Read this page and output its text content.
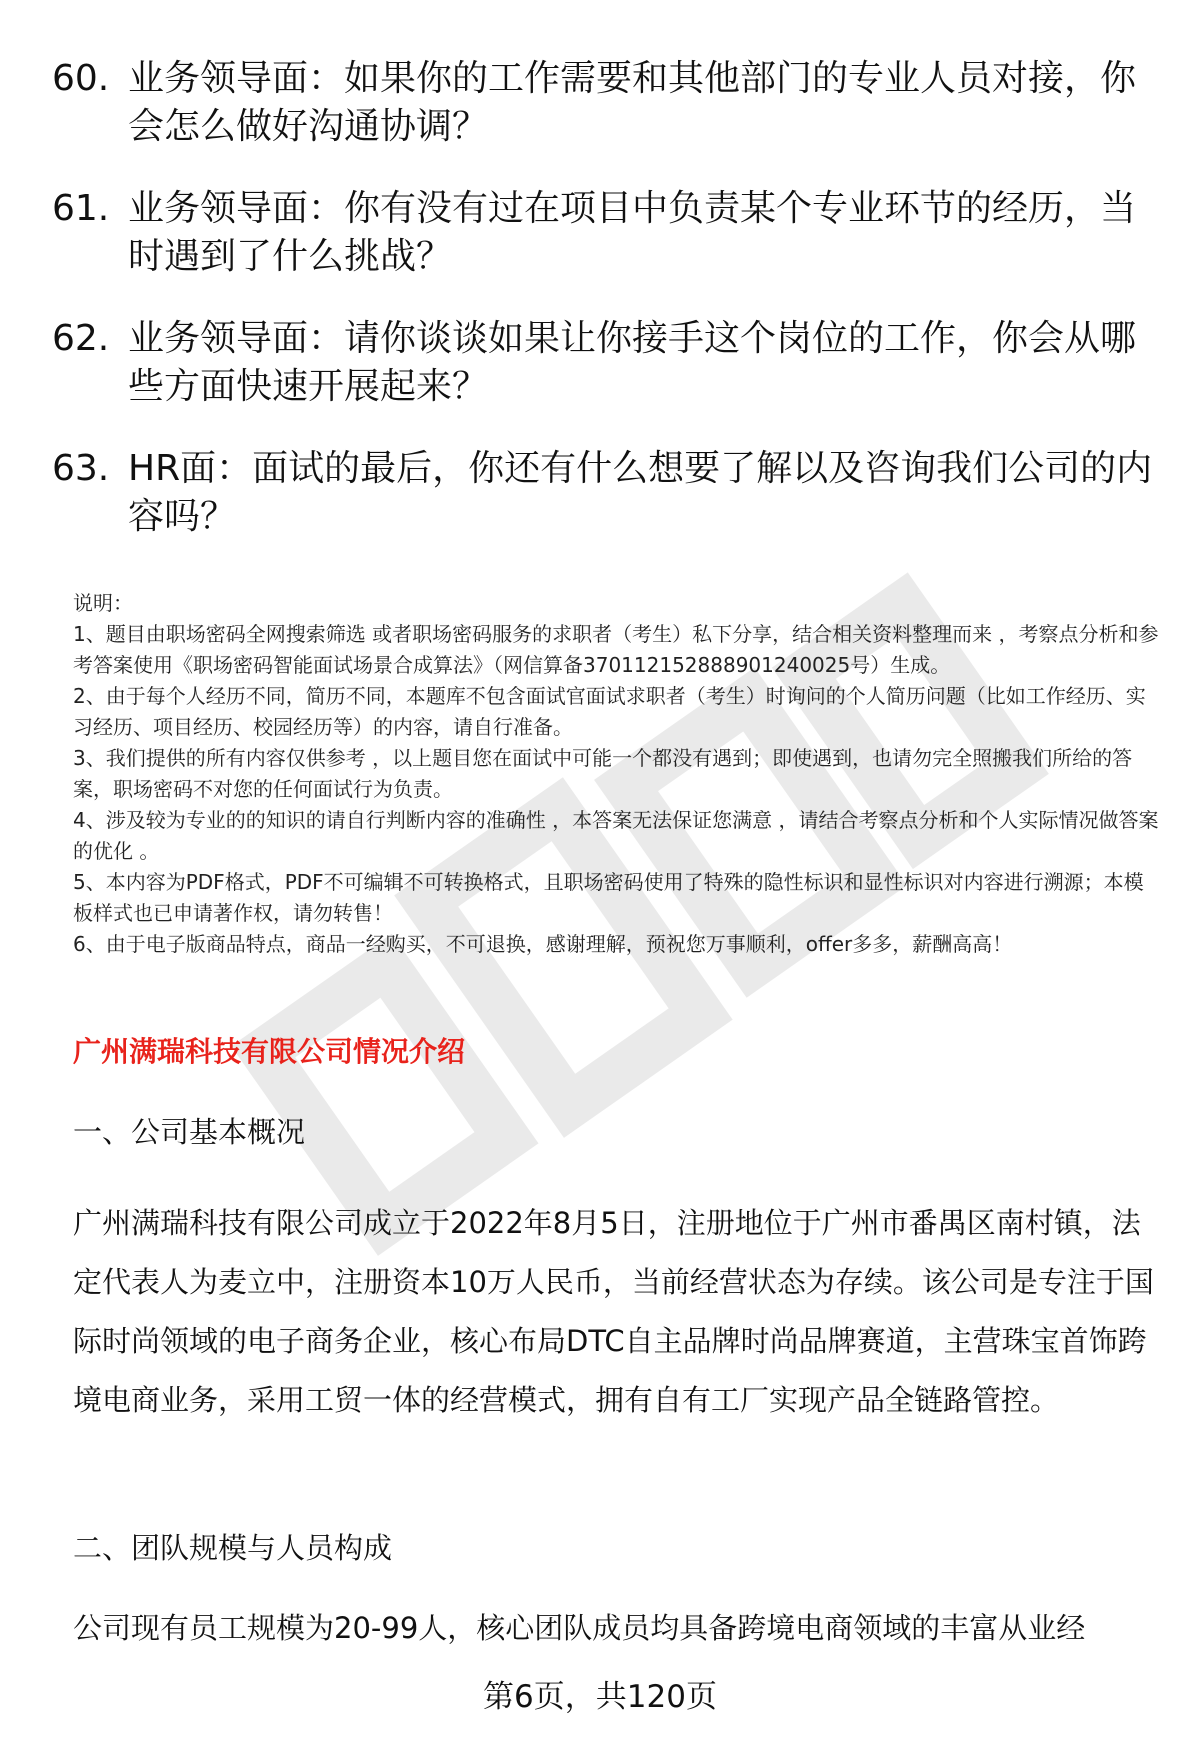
60. 业务领导面：如果你的工作需要和其他部门的专业人员对接，你会怎么做好沟通协调？
61. 业务领导面：你有没有过在项目中负责某个专业环节的经历，当时遇到了什么挑战？
62. 业务领导面：请你谈谈如果让你接手这个岗位的工作，你会从哪些方面快速开展起来？
63. HR面：面试的最后，你还有什么想要了解以及咨询我们公司的内容吗？

说明：

1、题目由职场密码全网搜索筛选 或者职场密码服务的求职者（考生）私下分享，结合相关资料整理而来 ，考察点分析和参考答案使用《职场密码智能面试场景合成算法》（网信算备370112152888901240025号）生成。

2、由于每个人经历不同，简历不同，本题库不包含面试官面试求职者（考生）时询问的个人简历问题（比如工作经历、实习经历、项目经历、校园经历等）的内容，请自行准备。

3、我们提供的所有内容仅供参考 ，以上题目您在面试中可能一个都没有遇到；即使遇到，也请勿完全照搬我们所给的答案，职场密码不对您的任何面试行为负责。

4、涉及较为专业的的知识的请自行判断内容的准确性 ，本答案无法保证您满意 ，请结合考察点分析和个人实际情况做答案的优化 。

5、本内容为PDF格式，PDF不可编辑不可转换格式，且职场密码使用了特殊的隐性标识和显性标识对内容进行溯源；本模板样式也已申请著作权，请勿转售！

6、由于电子版商品特点，商品一经购买，不可退换，感谢理解，预祝您万事顺利，offer多多，薪酬高高！

广州满瑞科技有限公司情况介绍
一、公司基本概况
广州满瑞科技有限公司成立于2022年8月5日，注册地位于广州市番禺区南村镇，法定代表人为麦立中，注册资本10万人民币，当前经营状态为存续。该公司是专注于国际时尚领域的电子商务企业，核心布局DTC自主品牌时尚品牌赛道，主营珠宝首饰跨境电商业务，采用工贸一体的经营模式，拥有自有工厂实现产品全链路管控。
二、团队规模与人员构成
公司现有员工规模为20-99人，核心团队成员均具备跨境电商领域的丰富从业经
第6页，共120页
